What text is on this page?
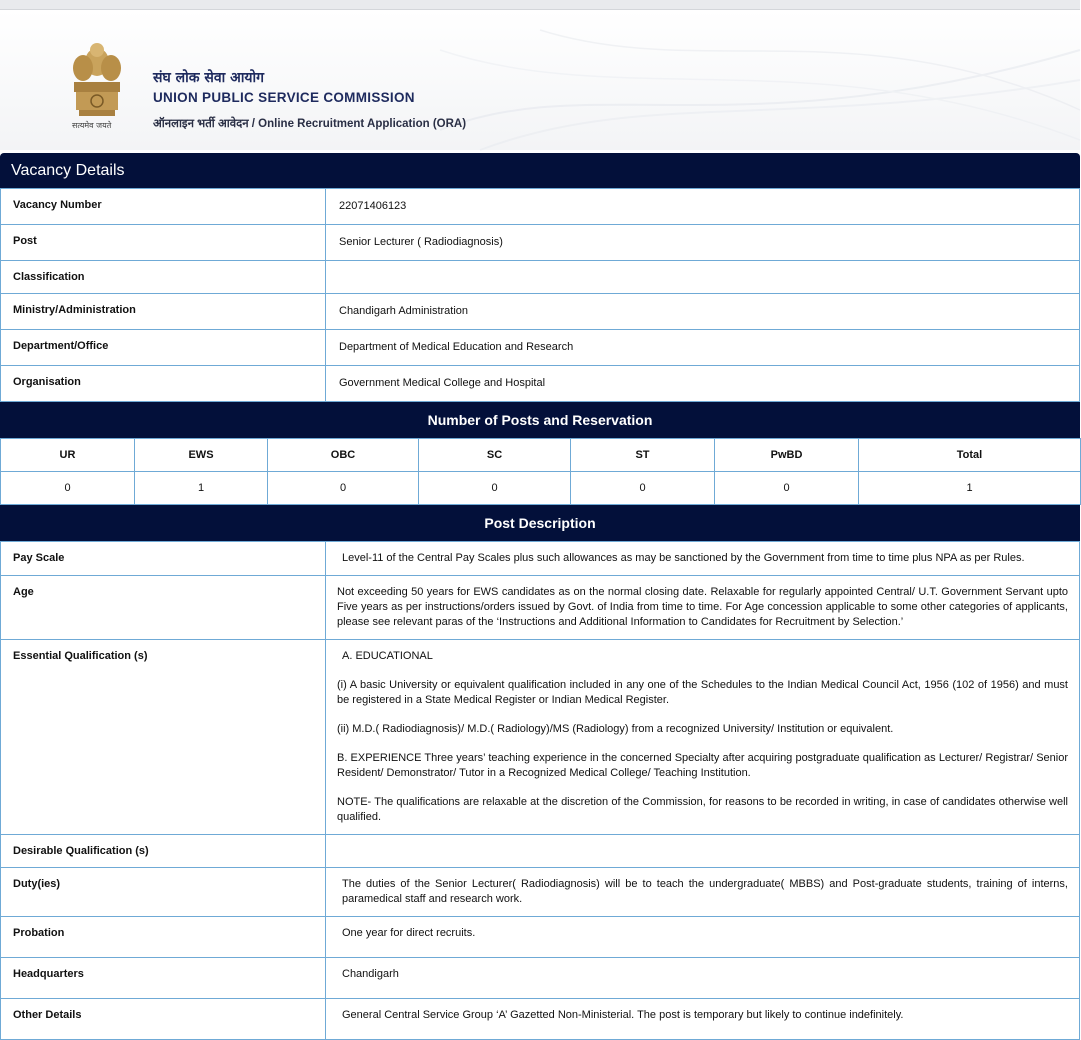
सत्यमेव जयते
संघ लोक सेवा आयोग
UNION PUBLIC SERVICE COMMISSION
ऑनलाइन भर्ती आवेदन / Online Recruitment Application (ORA)
Vacancy Details
Vacancy Number	22071406123
Post	Senior Lecturer ( Radiodiagnosis)
Classification	
Ministry/Administration	Chandigarh Administration
Department/Office	Department of Medical Education and Research
Organisation	Government Medical College and Hospital
Number of Posts and Reservation
UR	EWS	OBC	SC	ST	PwBD	Total
0	1	0	0	0	0	1
Post Description
Pay Scale	Level-11 of the Central Pay Scales plus such allowances as may be sanctioned by the Government from time to time plus NPA as per Rules.

Age	Not exceeding 50 years for EWS candidates as on the normal closing date. Relaxable for regularly appointed Central/ U.T. Government Servant upto Five years as per instructions/orders issued by Govt. of India from time to time. For Age concession applicable to some other categories of applicants, please see relevant paras of the ‘Instructions and Additional Information to Candidates for Recruitment by Selection.’

Essential Qualification (s)	A. EDUCATIONAL

(i) A basic University or equivalent qualification included in any one of the Schedules to the Indian Medical Council Act, 1956 (102 of 1956) and must be registered in a State Medical Register or Indian Medical Register.

(ii) M.D.( Radiodiagnosis)/ M.D.( Radiology)/MS (Radiology) from a recognized University/ Institution or equivalent.

B. EXPERIENCE Three years’ teaching experience in the concerned Specialty after acquiring postgraduate qualification as Lecturer/ Registrar/ Senior Resident/ Demonstrator/ Tutor in a Recognized Medical College/ Teaching Institution.

NOTE- The qualifications are relaxable at the discretion of the Commission, for reasons to be recorded in writing, in case of candidates otherwise well qualified.

Desirable Qualification (s)	
Duty(ies)	The duties of the Senior Lecturer( Radiodiagnosis) will be to teach the undergraduate( MBBS) and Post-graduate students, training of interns, paramedical staff and research work.

Probation	One year for direct recruits.

Headquarters	Chandigarh

Other Details	General Central Service Group ‘A’ Gazetted Non-Ministerial. The post is temporary but likely to continue indefinitely.
